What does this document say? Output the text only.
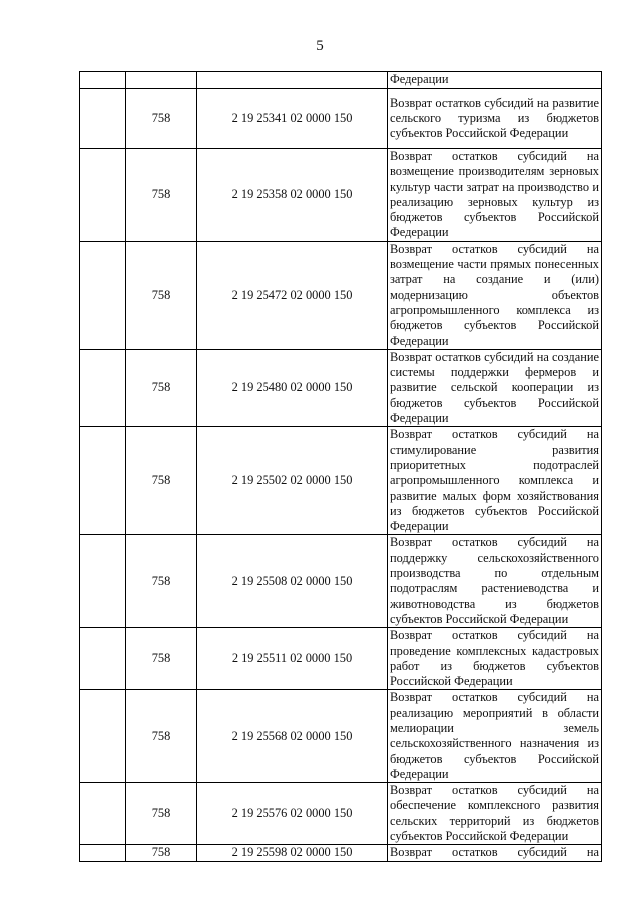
5
			Федерации
	758	2 19 25341 02 0000 150	Возврат остатков субсидий на развитие сельского туризма из бюджетов субъектов Российской Федерации
	758	2 19 25358 02 0000 150	Возврат остатков субсидий на возмещение производителям зерновых культур части затрат на производство и реализацию зерновых культур из бюджетов субъектов Российской Федерации
	758	2 19 25472 02 0000 150	Возврат остатков субсидий на возмещение части прямых понесенных затрат на создание и (или) модернизацию объектов агропромышленного комплекса из бюджетов субъектов Российской Федерации
	758	2 19 25480 02 0000 150	Возврат остатков субсидий на создание системы поддержки фермеров и развитие сельской кооперации из бюджетов субъектов Российской Федерации
	758	2 19 25502 02 0000 150	Возврат остатков субсидий на стимулирование развития приоритетных подотраслей агропромышленного комплекса и развитие малых форм хозяйствования из бюджетов субъектов Российской Федерации
	758	2 19 25508 02 0000 150	Возврат остатков субсидий на поддержку сельскохозяйственного производства по отдельным подотраслям растениеводства и животноводства из бюджетов субъектов Российской Федерации
	758	2 19 25511 02 0000 150	Возврат остатков субсидий на проведение комплексных кадастровых работ из бюджетов субъектов Российской Федерации
	758	2 19 25568 02 0000 150	Возврат остатков субсидий на реализацию мероприятий в области мелиорации земель сельскохозяйственного назначения из бюджетов субъектов Российской Федерации
	758	2 19 25576 02 0000 150	Возврат остатков субсидий на обеспечение комплексного развития сельских территорий из бюджетов субъектов Российской Федерации
	758	2 19 25598 02 0000 150	Возврат остатков субсидий на
